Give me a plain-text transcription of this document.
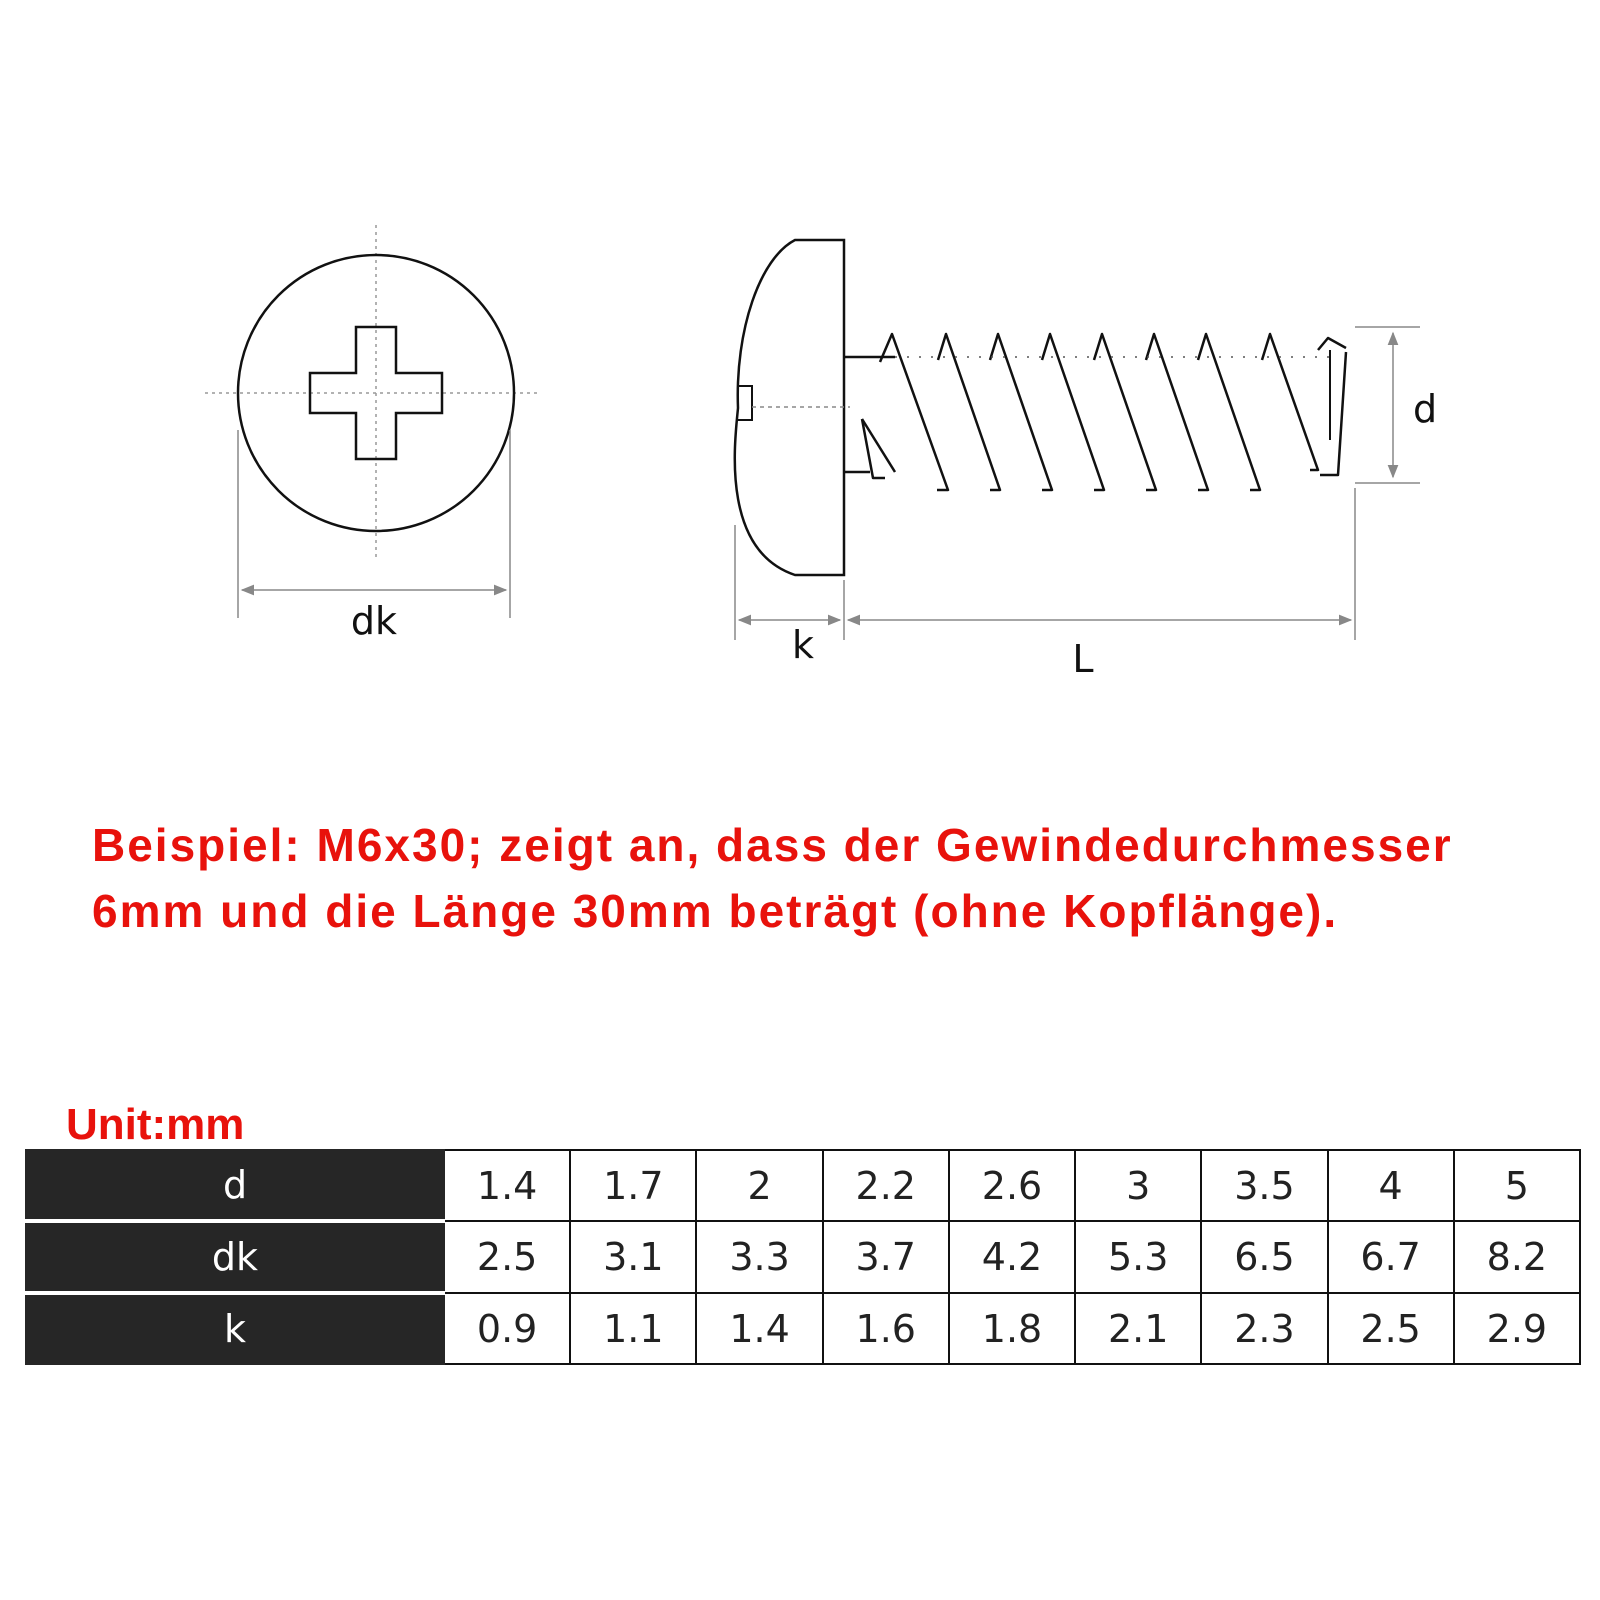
dk
d
k	L

Beispiel: M6x30; zeigt an, dass der Gewindedurchmesser
6mm und die Länge 30mm beträgt (ohne Kopflänge).

Unit:mm

d	1.4	1.7	2	2.2	2.6	3	3.5	4	5
dk	2.5	3.1	3.3	3.7	4.2	5.3	6.5	6.7	8.2
k	0.9	1.1	1.4	1.6	1.8	2.1	2.3	2.5	2.9
